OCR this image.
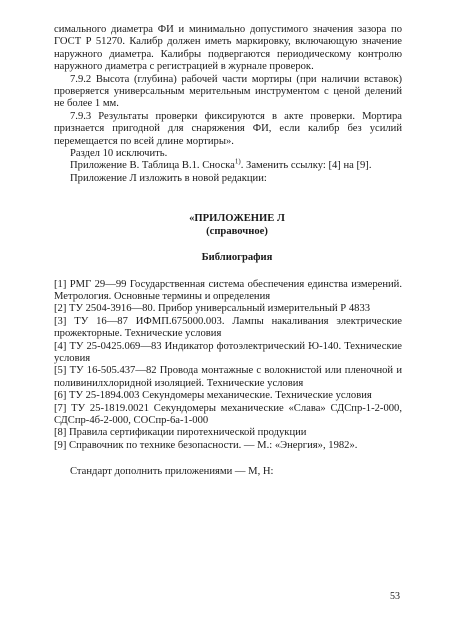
симального диаметра ФИ и минимально допустимого значения зазора по ГОСТ Р 51270. Калибр должен иметь маркировку, включающую значение наружного диаметра. Калибры подвергаются периодическому контролю наружного диаметра с регистрацией в журнале проверок.

7.9.2 Высота (глубина) рабочей части мортиры (при наличии вставок) проверяется универсальным мерительным инструментом с ценой делений не более 1 мм.

7.9.3 Результаты проверки фиксируются в акте проверки. Мортира признается пригодной для снаряжения ФИ, если калибр без усилий перемещается по всей длине мортиры».

Раздел 10 исключить.

Приложение В. Таблица В.1. Сноска$^{1)}$. Заменить ссылку: [4] на [9].

Приложение Л изложить в новой редакции:

«ПРИЛОЖЕНИЕ Л

(справочное)

Библиография

[1] РМГ 29—99 Государственная система обеспечения единства измерений. Метрология. Основные термины и определения

[2] ТУ 2504-3916—80. Прибор универсальный измерительный Р 4833

[3] ТУ 16—87 ИФМП.675000.003. Лампы накаливания электрические прожекторные. Технические условия

[4] ТУ 25-0425.069—83 Индикатор фотоэлектрический Ю-140. Технические условия

[5] ТУ 16-505.437—82 Провода монтажные с волокнистой или пленочной и поливинилхлоридной изоляцией. Технические условия

[6] ТУ 25-1894.003 Секундомеры механические. Технические условия

[7] ТУ 25-1819.0021 Секундомеры механические «Слава» СДСпр-1-2-000, СДСпр-4б-2-000, СОСпр-6а-1-000

[8] Правила сертификации пиротехнической продукции

[9] Справочник по технике безопасности. — М.: «Энергия», 1982».

Стандарт дополнить приложениями — М, Н:

53
